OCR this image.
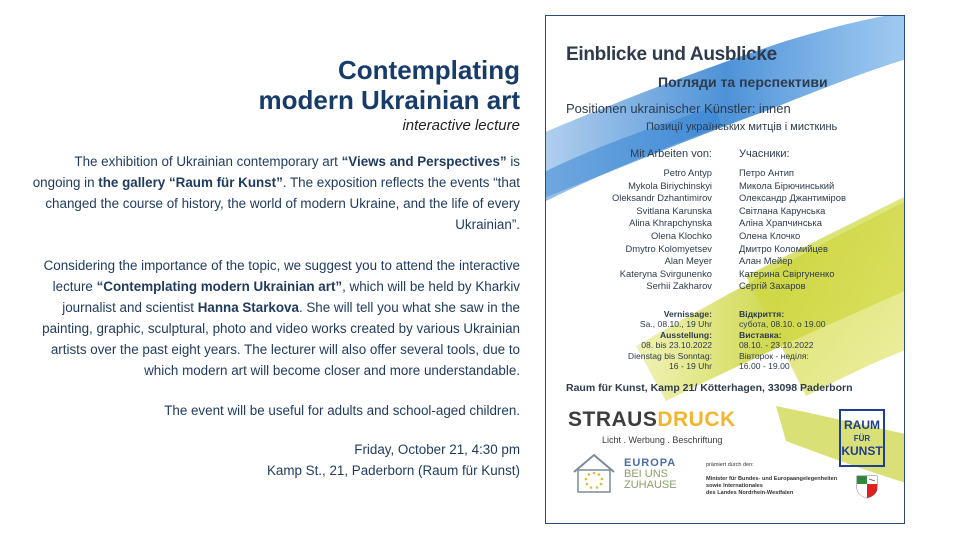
Contemplating
modern Ukrainian art

interactive lecture

The exhibition of Ukrainian contemporary art “Views and Perspectives” is ongoing in the gallery “Raum für Kunst”. The exposition reflects the events “that changed the course of history, the world of modern Ukraine, and the life of every Ukrainian”.

Considering the importance of the topic, we suggest you to attend the interactive lecture “Contemplating modern Ukrainian art”, which will be held by Kharkiv journalist and scientist Hanna Starkova. She will tell you what she saw in the painting, graphic, sculptural, photo and video works created by various Ukrainian artists over the past eight years. The lecturer will also offer several tools, due to which modern art will become closer and more understandable.

The event will be useful for adults and school-aged children.

Friday, October 21, 4:30 pm
Kamp St., 21, Paderborn (Raum für Kunst)

Einblicke und Ausblicke
Погляди та перспективи
Positionen ukrainischer Künstler: innen
Позиції українських митців і мисткинь
Mit Arbeiten von: Учасники:
Petro Antyp
Mykola Biriychinskyi
Oleksandr Dzhantimirov
Svitlana Karunska
Alina Khrapchynska
Olena Klochko
Dmytro Kolomyetsev
Alan Meyer
Kateryna Svirgunenko
Serhii Zakharov
Петро Антип
Микола Бірючинський
Олександр Джантиміров
Світлана Карунська
Аліна Храпчинська
Олена Клочко
Дмитро Коломийцев
Алан Мейер
Катерина Свіргуненко
Сергій Захаров
Vernissage:
Sa., 08.10., 19 Uhr
Ausstellung:
08. bis 23.10.2022
Dienstag bis Sonntag:
16 - 19 Uhr
Відкриття:
субота, 08.10. о 19.00
Виставка:
08.10. - 23.10.2022
Вівторок - неділя:
16.00 - 19.00
Raum für Kunst, Kamp 21/ Kötterhagen, 33098 Paderborn
STRAUSDRUCK
Licht . Werbung . Beschriftung
EUROPA
BEI UNS
ZUHAUSE
prämiert durch den:
Minister für Bundes- und Europaangelegenheiten
sowie Internationales
des Landes Nordrhein-Westfalen
RAUM
FÜR
KUNST
